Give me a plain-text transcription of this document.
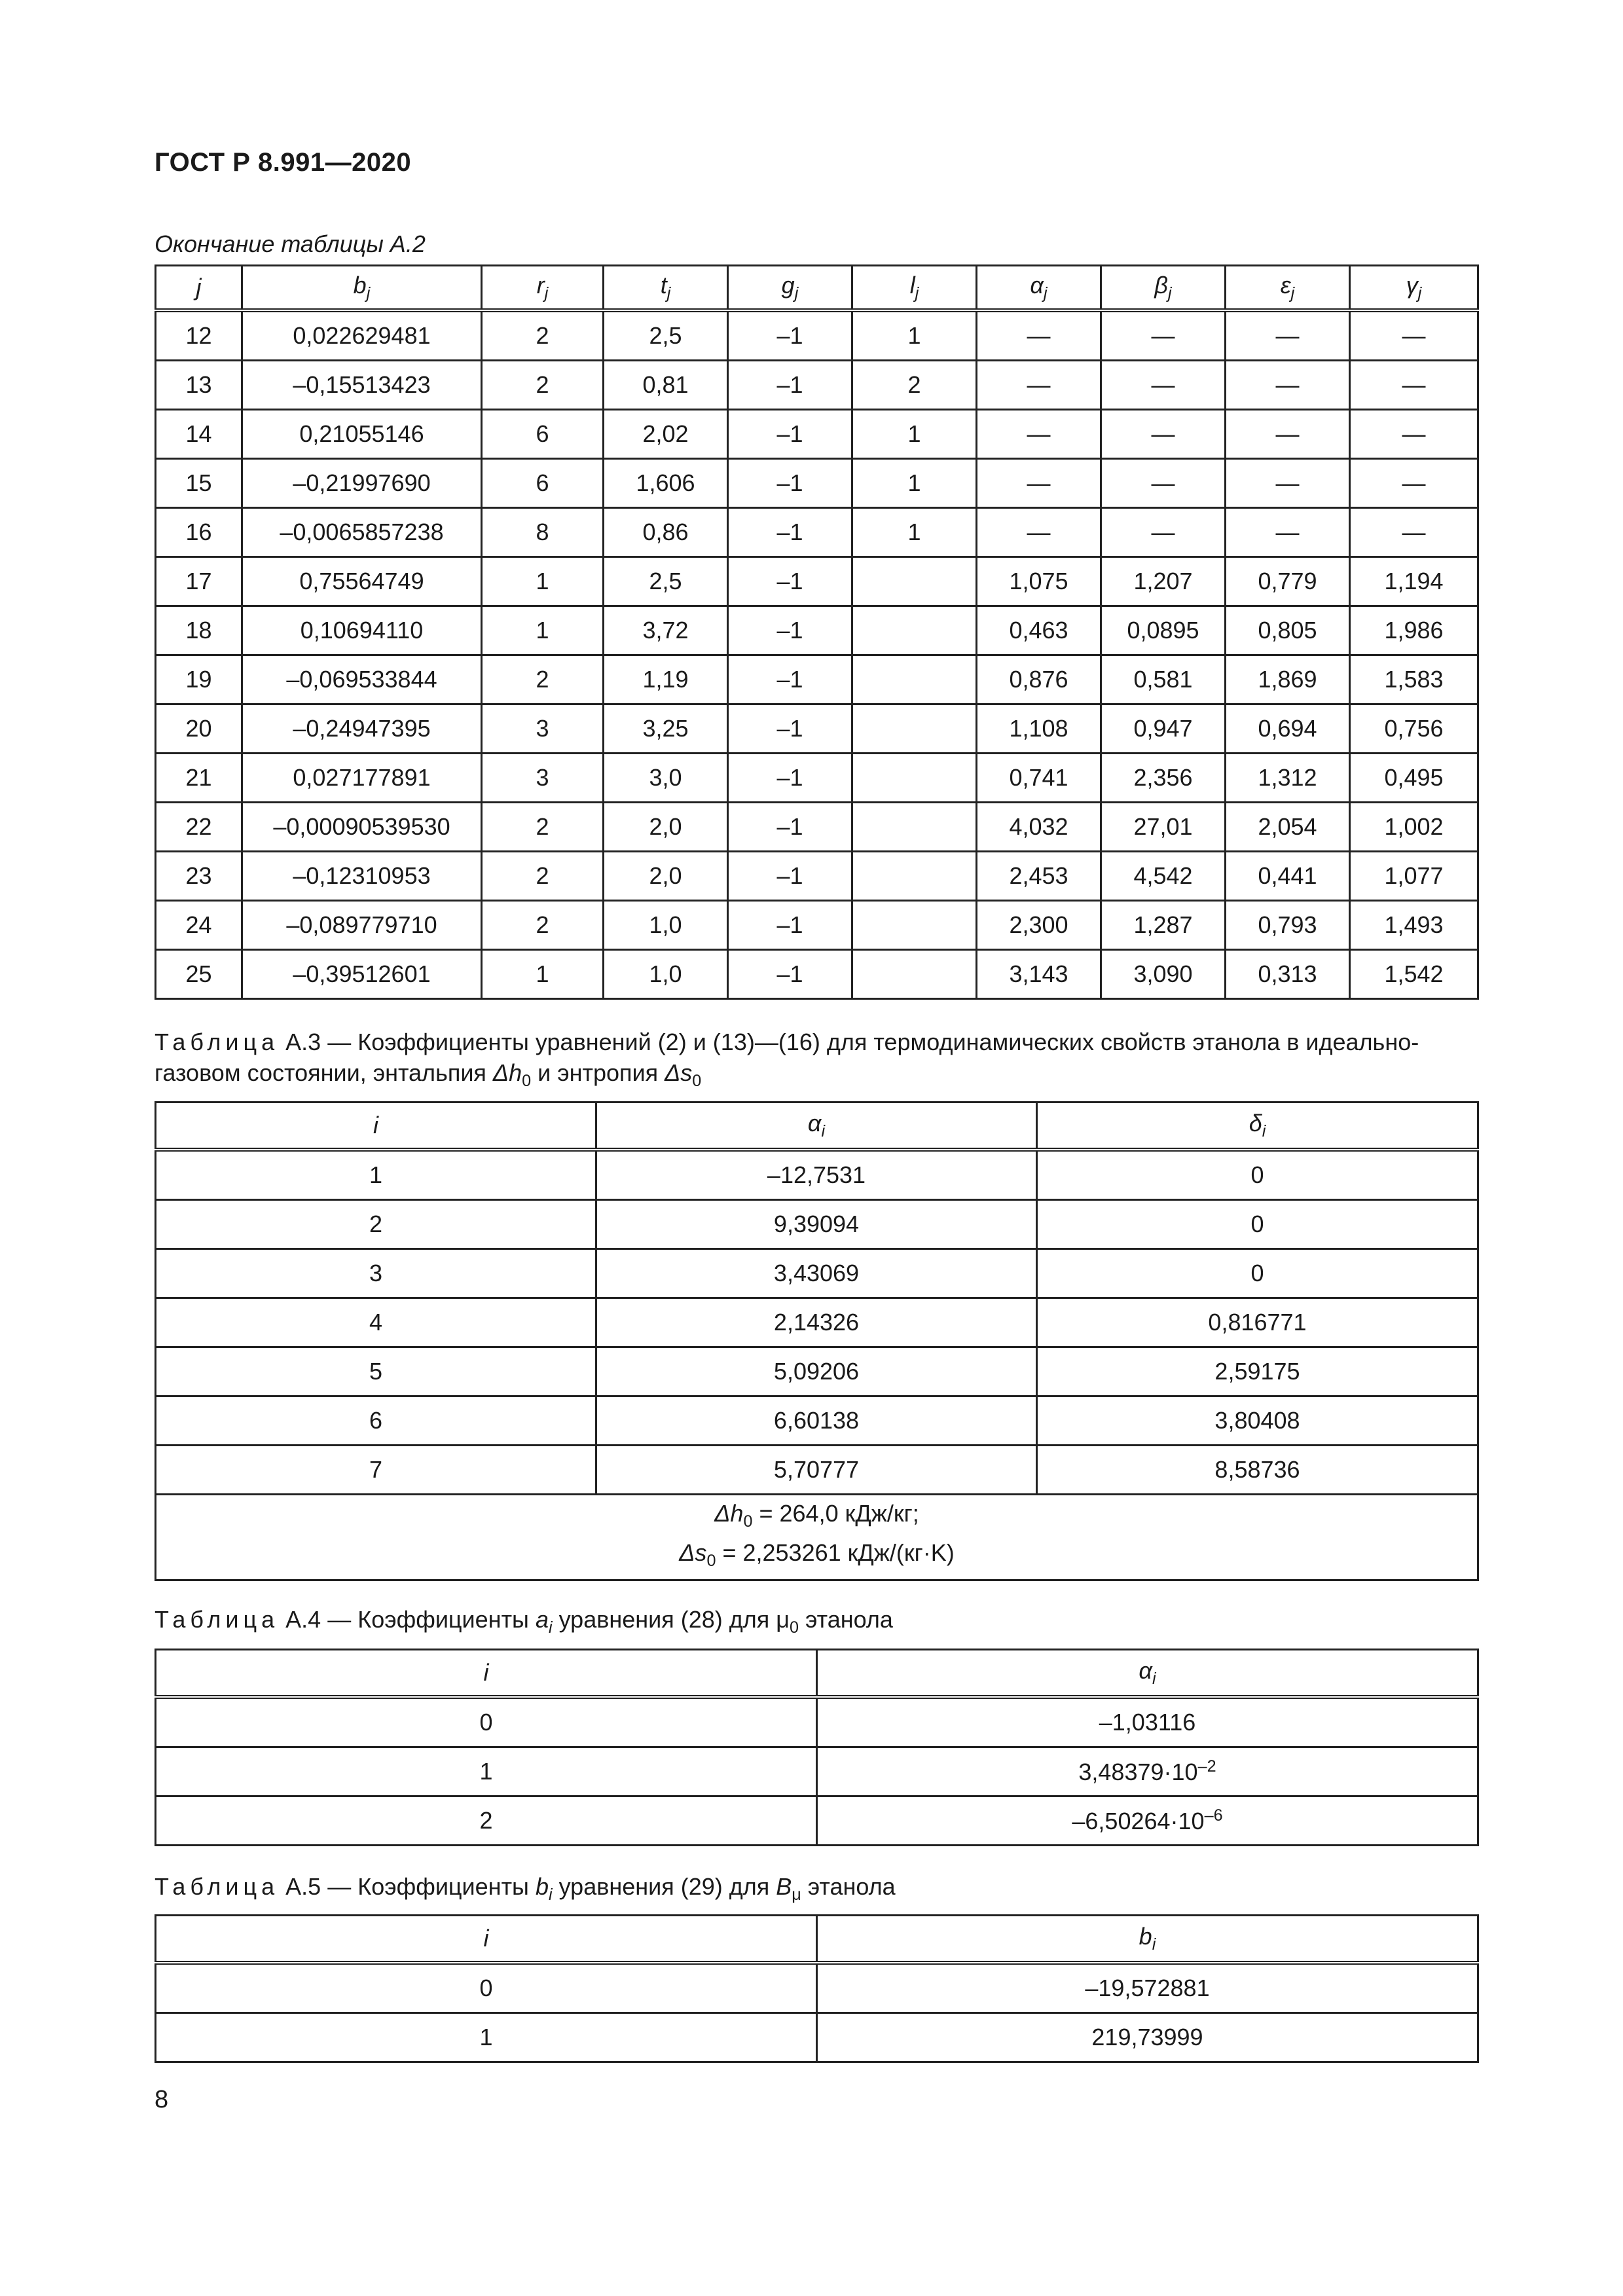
ГОСТ Р 8.991—2020
Окончание таблицы А.2
j	$b_j$	$r_j$	$t_j$	$g_j$	$l_j$	$\alpha_j$	$\beta_j$	$\varepsilon_j$	$\gamma_j$
12	0,022629481	2	2,5	–1	1	—	—	—	—
13	–0,15513423	2	0,81	–1	2	—	—	—	—
14	0,21055146	6	2,02	–1	1	—	—	—	—
15	–0,21997690	6	1,606	–1	1	—	—	—	—
16	–0,0065857238	8	0,86	–1	1	—	—	—	—
17	0,75564749	1	2,5	–1		1,075	1,207	0,779	1,194
18	0,10694110	1	3,72	–1		0,463	0,0895	0,805	1,986
19	–0,069533844	2	1,19	–1		0,876	0,581	1,869	1,583
20	–0,24947395	3	3,25	–1		1,108	0,947	0,694	0,756
21	0,027177891	3	3,0	–1		0,741	2,356	1,312	0,495
22	–0,00090539530	2	2,0	–1		4,032	27,01	2,054	1,002
23	–0,12310953	2	2,0	–1		2,453	4,542	0,441	1,077
24	–0,089779710	2	1,0	–1		2,300	1,287	0,793	1,493
25	–0,39512601	1	1,0	–1		3,143	3,090	0,313	1,542
Таблица А.3 — Коэффициенты уравнений (2) и (13)—(16) для термодинамических свойств этанола в идеально-
газовом состоянии, энтальпия $\Delta h_0$ и энтропия $\Delta s_0$
i	$\alpha_i$	$\delta_i$
1	–12,7531	0
2	9,39094	0
3	3,43069	0
4	2,14326	0,816771
5	5,09206	2,59175
6	6,60138	3,80408
7	5,70777	8,58736
$\Delta h_0 = 264,0$ кДж/кг;
$\Delta s_0 = 2,253261$ кДж/(кг·K)		
Таблица А.4 — Коэффициенты $a_i$ уравнения (28) для $\mu_0$ этанола
i	$\alpha_i$
0	–1,03116
1	$3,48379\cdot 10^{-2}$
2	$-6,50264\cdot 10^{-6}$
Таблица А.5 — Коэффициенты $b_i$ уравнения (29) для $B_\mu$ этанола
i	$b_i$
0	–19,572881
1	219,73999
8
